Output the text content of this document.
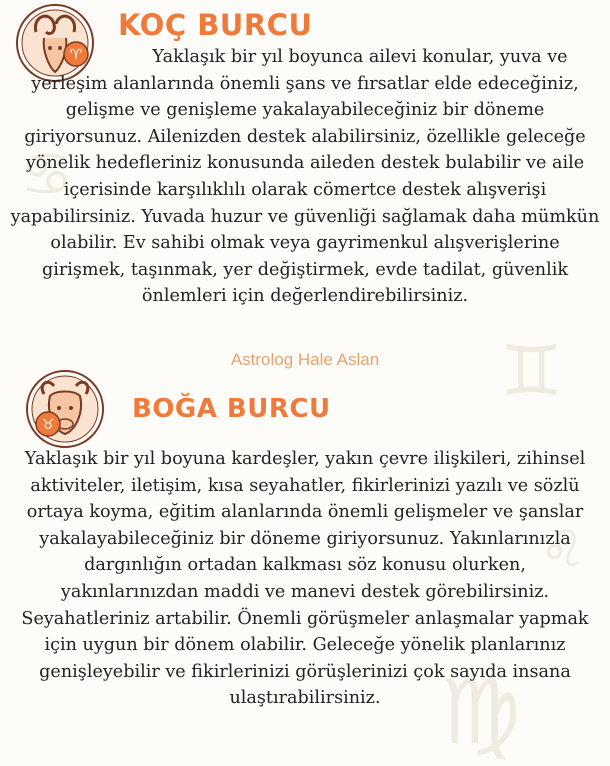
♊
♋
♍
♌
♈
KOÇ BURCU

Yaklaşık bir yıl boyunca ailevi konular, yuva ve yerleşim alanlarında önemli şans ve fırsatlar elde edeceğiniz, gelişme ve genişleme yakalayabileceğiniz bir döneme giriyorsunuz. Ailenizden destek alabilirsiniz, özellikle geleceğe yönelik hedefleriniz konusunda aileden destek bulabilir ve aile içerisinde karşılıklılı olarak cömertce destek alışverişi yapabilirsiniz. Yuvada huzur ve güvenliği sağlamak daha mümkün olabilir. Ev sahibi olmak veya gayrimenkul alışverişlerine girişmek, taşınmak, yer değiştirmek, evde tadilat, güvenlik önlemleri için değerlendirebilirsiniz.

Astrolog Hale Aslan

♉
BOĞA BURCU

Yaklaşık bir yıl boyuna kardeşler, yakın çevre ilişkileri, zihinsel aktiviteler, iletişim, kısa seyahatler, fikirlerinizi yazılı ve sözlü ortaya koyma, eğitim alanlarında önemli gelişmeler ve şanslar yakalayabileceğiniz bir döneme giriyorsunuz. Yakınlarınızla dargınlığın ortadan kalkması söz konusu olurken, yakınlarınızdan maddi ve manevi destek görebilirsiniz. Seyahatleriniz artabilir. Önemli görüşmeler anlaşmalar yapmak için uygun bir dönem olabilir. Geleceğe yönelik planlarınız genişleyebilir ve fikirlerinizi görüşlerinizi çok sayıda insana ulaştırabilirsiniz.
